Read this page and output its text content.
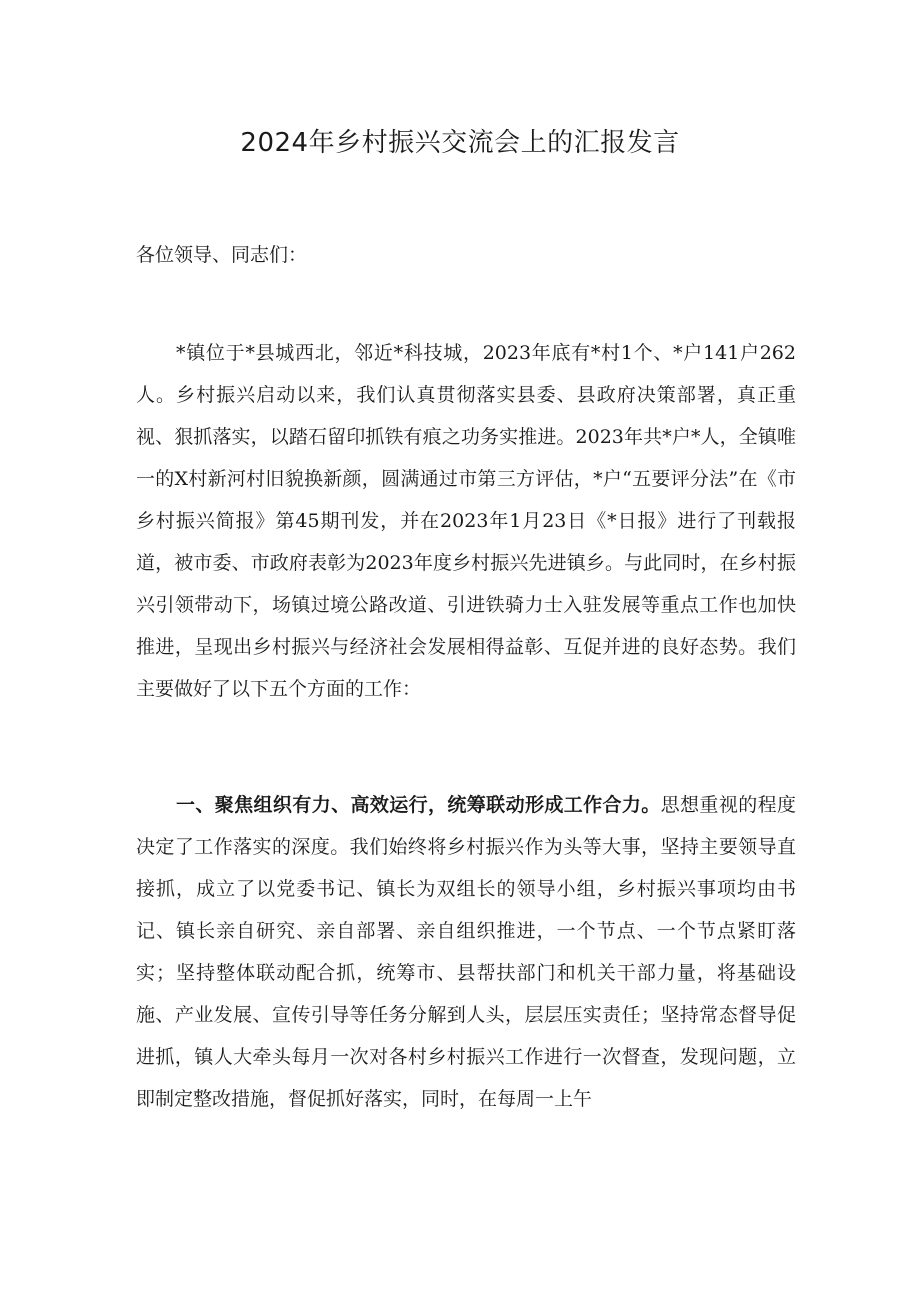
2024年乡村振兴交流会上的汇报发言
各位领导、同志们：
*镇位于*县城西北，邻近*科技城，2023年底有*村1个、*户141户262人。乡村振兴启动以来，我们认真贯彻落实县委、县政府决策部署，真正重视、狠抓落实，以踏石留印抓铁有痕之功务实推进。2023年共*户*人，全镇唯一的X村新河村旧貌换新颜，圆满通过市第三方评估，*户“五要评分法”在《市乡村振兴简报》第45期刊发，并在2023年1月23日《*日报》进行了刊载报道，被市委、市政府表彰为2023年度乡村振兴先进镇乡。与此同时，在乡村振兴引领带动下，场镇过境公路改道、引进铁骑力士入驻发展等重点工作也加快推进，呈现出乡村振兴与经济社会发展相得益彰、互促并进的良好态势。我们主要做好了以下五个方面的工作：
一、聚焦组织有力、高效运行，统筹联动形成工作合力。思想重视的程度决定了工作落实的深度。我们始终将乡村振兴作为头等大事，坚持主要领导直接抓，成立了以党委书记、镇长为双组长的领导小组，乡村振兴事项均由书记、镇长亲自研究、亲自部署、亲自组织推进，一个节点、一个节点紧盯落实；坚持整体联动配合抓，统筹市、县帮扶部门和机关干部力量，将基础设施、产业发展、宣传引导等任务分解到人头，层层压实责任；坚持常态督导促进抓，镇人大牵头每月一次对各村乡村振兴工作进行一次督查，发现问题，立即制定整改措施，督促抓好落实，同时，在每周一上午
